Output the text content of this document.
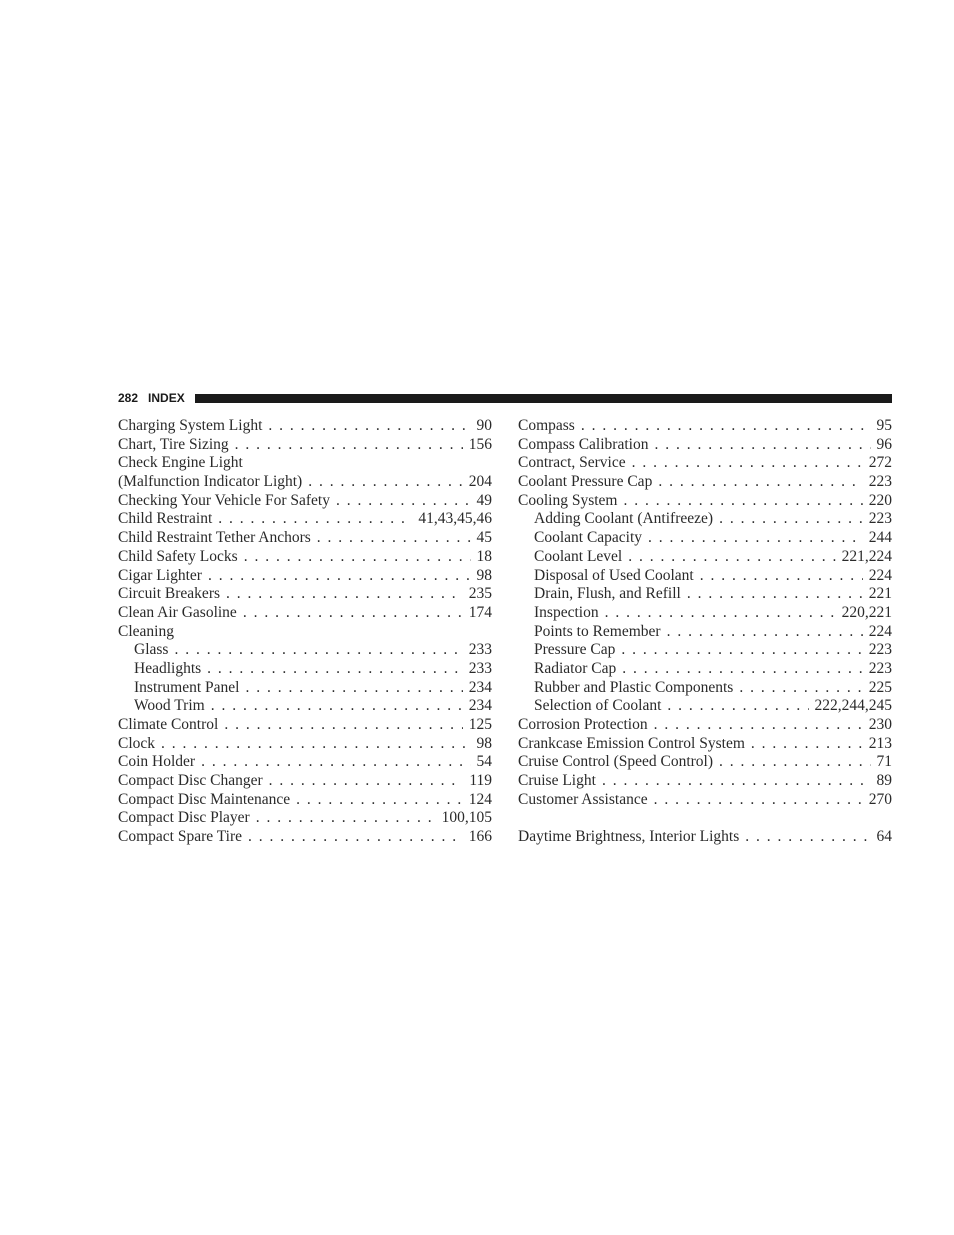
282 INDEX
Charging System Light . . .	90
Chart, Tire Sizing . . .	156
Check Engine Light
(Malfunction Indicator Light) . . .	204
Checking Your Vehicle For Safety . . .	49
Child Restraint . . .	41,43,45,46
Child Restraint Tether Anchors . . .	45
Child Safety Locks . . .	18
Cigar Lighter . . .	98
Circuit Breakers . . .	235
Clean Air Gasoline . . .	174
Cleaning
Glass . . .	233
Headlights . . .	233
Instrument Panel . . .	234
Wood Trim . . .	234
Climate Control . . .	125
Clock . . .	98
Coin Holder . . .	54
Compact Disc Changer . . .	119
Compact Disc Maintenance . . .	124
Compact Disc Player . . .	100,105
Compact Spare Tire . . .	166
Compass . . .	95
Compass Calibration . . .	96
Contract, Service . . .	272
Coolant Pressure Cap . . .	223
Cooling System . . .	220
Adding Coolant (Antifreeze) . . .	223
Coolant Capacity . . .	244
Coolant Level . . .	221,224
Disposal of Used Coolant . . .	224
Drain, Flush, and Refill . . .	221
Inspection . . .	220,221
Points to Remember . . .	224
Pressure Cap . . .	223
Radiator Cap . . .	223
Rubber and Plastic Components . . .	225
Selection of Coolant . . .	222,244,245
Corrosion Protection . . .	230
Crankcase Emission Control System . . .	213
Cruise Control (Speed Control) . . .	71
Cruise Light . . .	89
Customer Assistance . . .	270
Daytime Brightness, Interior Lights . . .	64
